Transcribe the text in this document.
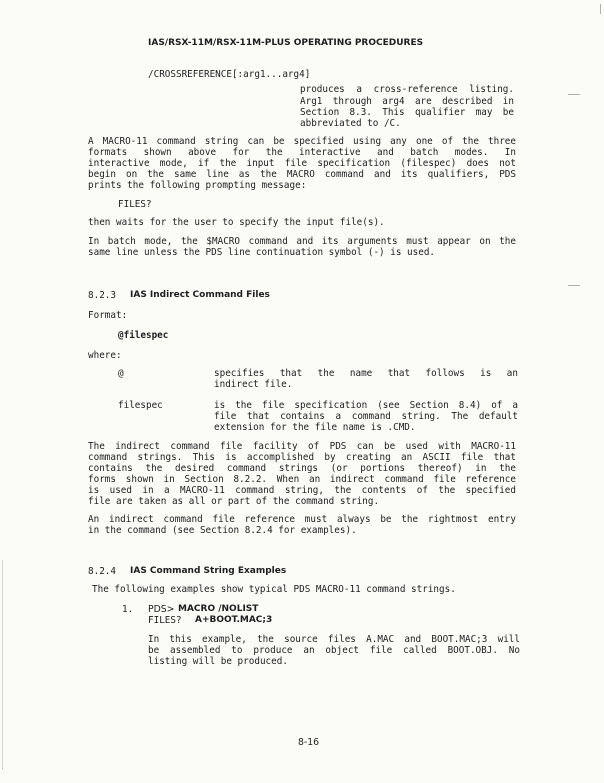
IAS/RSX-11M/RSX-11M-PLUS OPERATING PROCEDURES
/CROSSREFERENCE[:arg1...arg4]
produces a cross-reference listing.
Arg1 through arg4 are described in
Section 8.3. This qualifier may be
abbreviated to /C.
A MACRO-11 command string can be specified using any one of the three
formats shown above for the interactive and batch modes. In
interactive mode, if the input file specification (filespec) does not
begin on the same line as the MACRO command and its qualifiers, PDS
prints the following prompting message:
FILES?
then waits for the user to specify the input file(s).
In batch mode, the $MACRO command and its arguments must appear on the
same line unless the PDS line continuation symbol (-) is used.
8.2.3 IAS Indirect Command Files
Format:
@filespec
where:
@	specifies that the name that follows is an
indirect file.
filespec	is the file specification (see Section 8.4) of a
file that contains a command string. The default
extension for the file name is .CMD.
The indirect command file facility of PDS can be used with MACRO-11
command strings. This is accomplished by creating an ASCII file that
contains the desired command strings (or portions thereof) in the
forms shown in Section 8.2.2. When an indirect command file reference
is used in a MACRO-11 command string, the contents of the specified
file are taken as all or part of the command string.
An indirect command file reference must always be the rightmost entry
in the command (see Section 8.2.4 for examples).
8.2.4 IAS Command String Examples
The following examples show typical PDS MACRO-11 command strings.
1. PDS> MACRO /NOLIST
FILES? A+BOOT.MAC;3
In this example, the source files A.MAC and BOOT.MAC;3 will
be assembled to produce an object file called BOOT.OBJ. No
listing will be produced.
8-16
